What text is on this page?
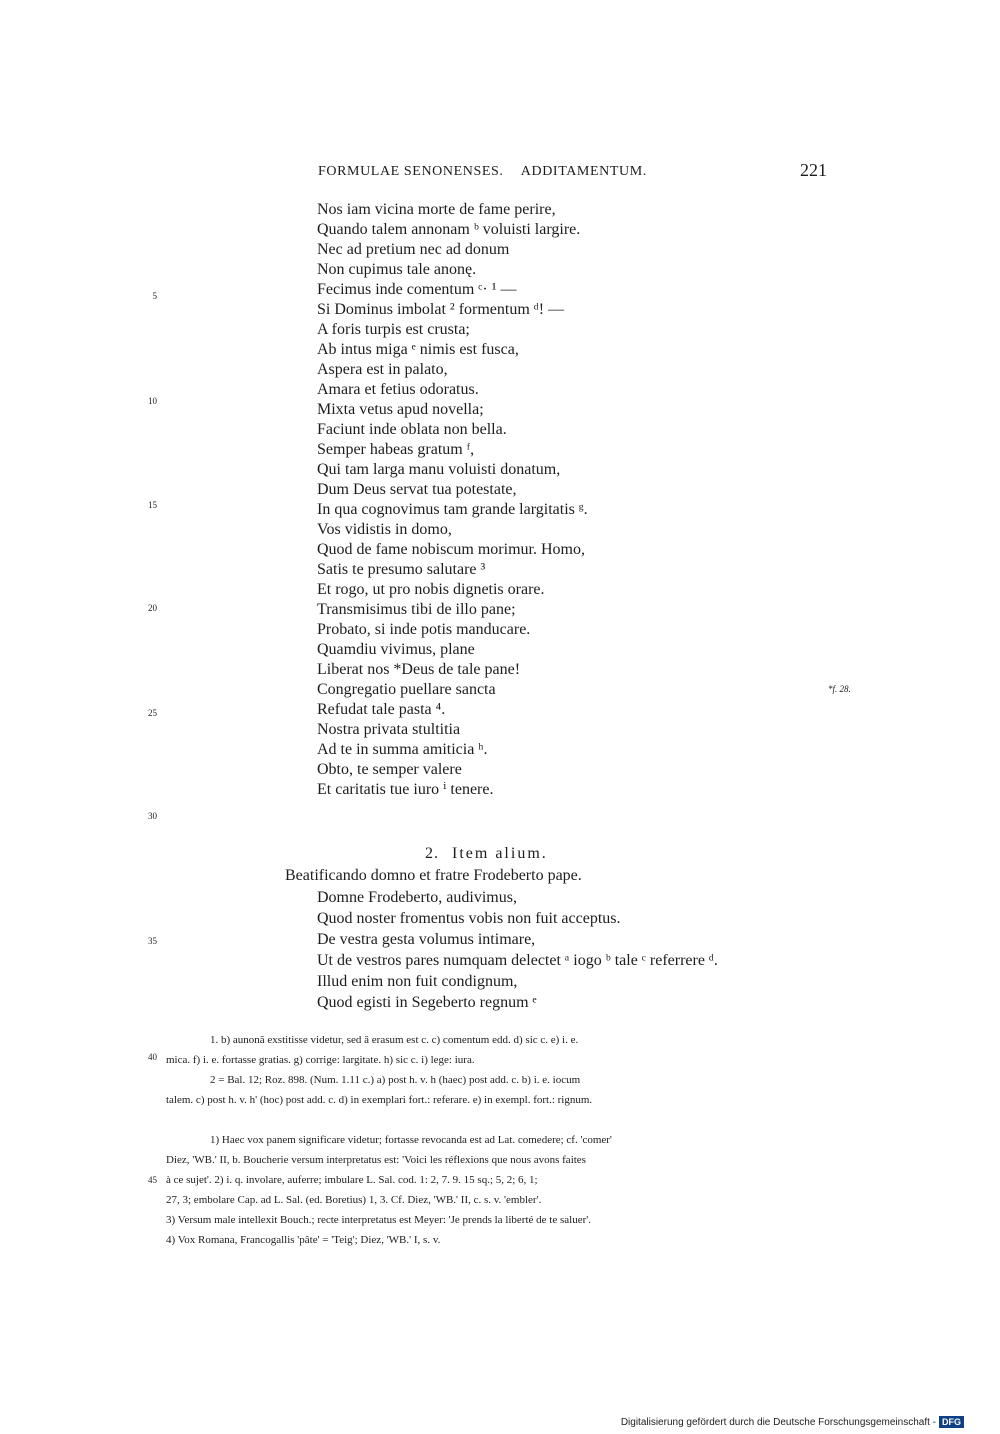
FORMULAE SENONENSES. ADDITAMENTUM.	221
Nos iam vicina morte de fame perire,
Quando talem annonam ᵇ voluisti largire.
Nec ad pretium nec ad donum
Non cupimus tale anonę.
Fecimus inde comentum ᶜ· ¹ —
Si Dominus imbolat ² formentum ᵈ! —
A foris turpis est crusta;
Ab intus miga ᵉ nimis est fusca,
Aspera est in palato,
Amara et fetius odoratus.
Mixta vetus apud novella;
Faciunt inde oblata non bella.
Semper habeas gratum ᶠ,
Qui tam larga manu voluisti donatum,
Dum Deus servat tua potestate,
In qua cognovimus tam grande largitatis ᵍ.
Vos vidistis in domo,
Quod de fame nobiscum morimur. Homo,
Satis te presumo salutare ³
Et rogo, ut pro nobis dignetis orare.
Transmisimus tibi de illo pane;
Probato, si inde potis manducare.
Quamdiu vivimus, plane
Liberat nos *Deus de tale pane!
Congregatio puellare sancta
Refudat tale pasta ⁴.
Nostra privata stultitia
Ad te in summa amiticia ʰ.
Obto, te semper valere
Et caritatis tue iuro ⁱ tenere.
5
10
15
20
25
30
35
40
45
*f. 28.
2. Item alium.
Beatificando domno et fratre Frodeberto pape.
Domne Frodeberto, audivimus,
Quod noster fromentus vobis non fuit acceptus.
De vestra gesta volumus intimare,
Ut de vestros pares numquam delectet ᵃ iogo ᵇ tale ᶜ referrere ᵈ.
Illud enim non fuit condignum,
Quod egisti in Segeberto regnum ᵉ
1. b) aunonă exstitisse videtur, sed ă erasum est c. c) comentum edd. d) sic c. e) i. e.
mica. f) i. e. fortasse gratias. g) corrige: largitate. h) sic c. i) lege: iura.
2 = Bal. 12; Roz. 898. (Num. 1.11 c.) a) post h. v. h (haec) post add. c. b) i. e. iocum
talem. c) post h. v. h' (hoc) post add. c. d) in exemplari fort.: referare. e) in exempl. fort.: rignum.
1) Haec vox panem significare videtur; fortasse revocanda est ad Lat. comedere; cf. 'comer'
Diez, 'WB.' II, b. Boucherie versum interpretatus est: 'Voici les réflexions que nous avons faites
à ce sujet'. 2) i. q. involare, auferre; imbulare L. Sal. cod. 1: 2, 7. 9. 15 sq.; 5, 2; 6, 1;
27, 3; embolare Cap. ad L. Sal. (ed. Boretius) 1, 3. Cf. Diez, 'WB.' II, c. s. v. 'embler'.
3) Versum male intellexit Bouch.; recte interpretatus est Meyer: 'Je prends la liberté de te saluer'.
4) Vox Romana, Francogallis 'pâte' = 'Teig'; Diez, 'WB.' I, s. v.
Digitalisierung gefördert durch die Deutsche Forschungsgemeinschaft - DFG
